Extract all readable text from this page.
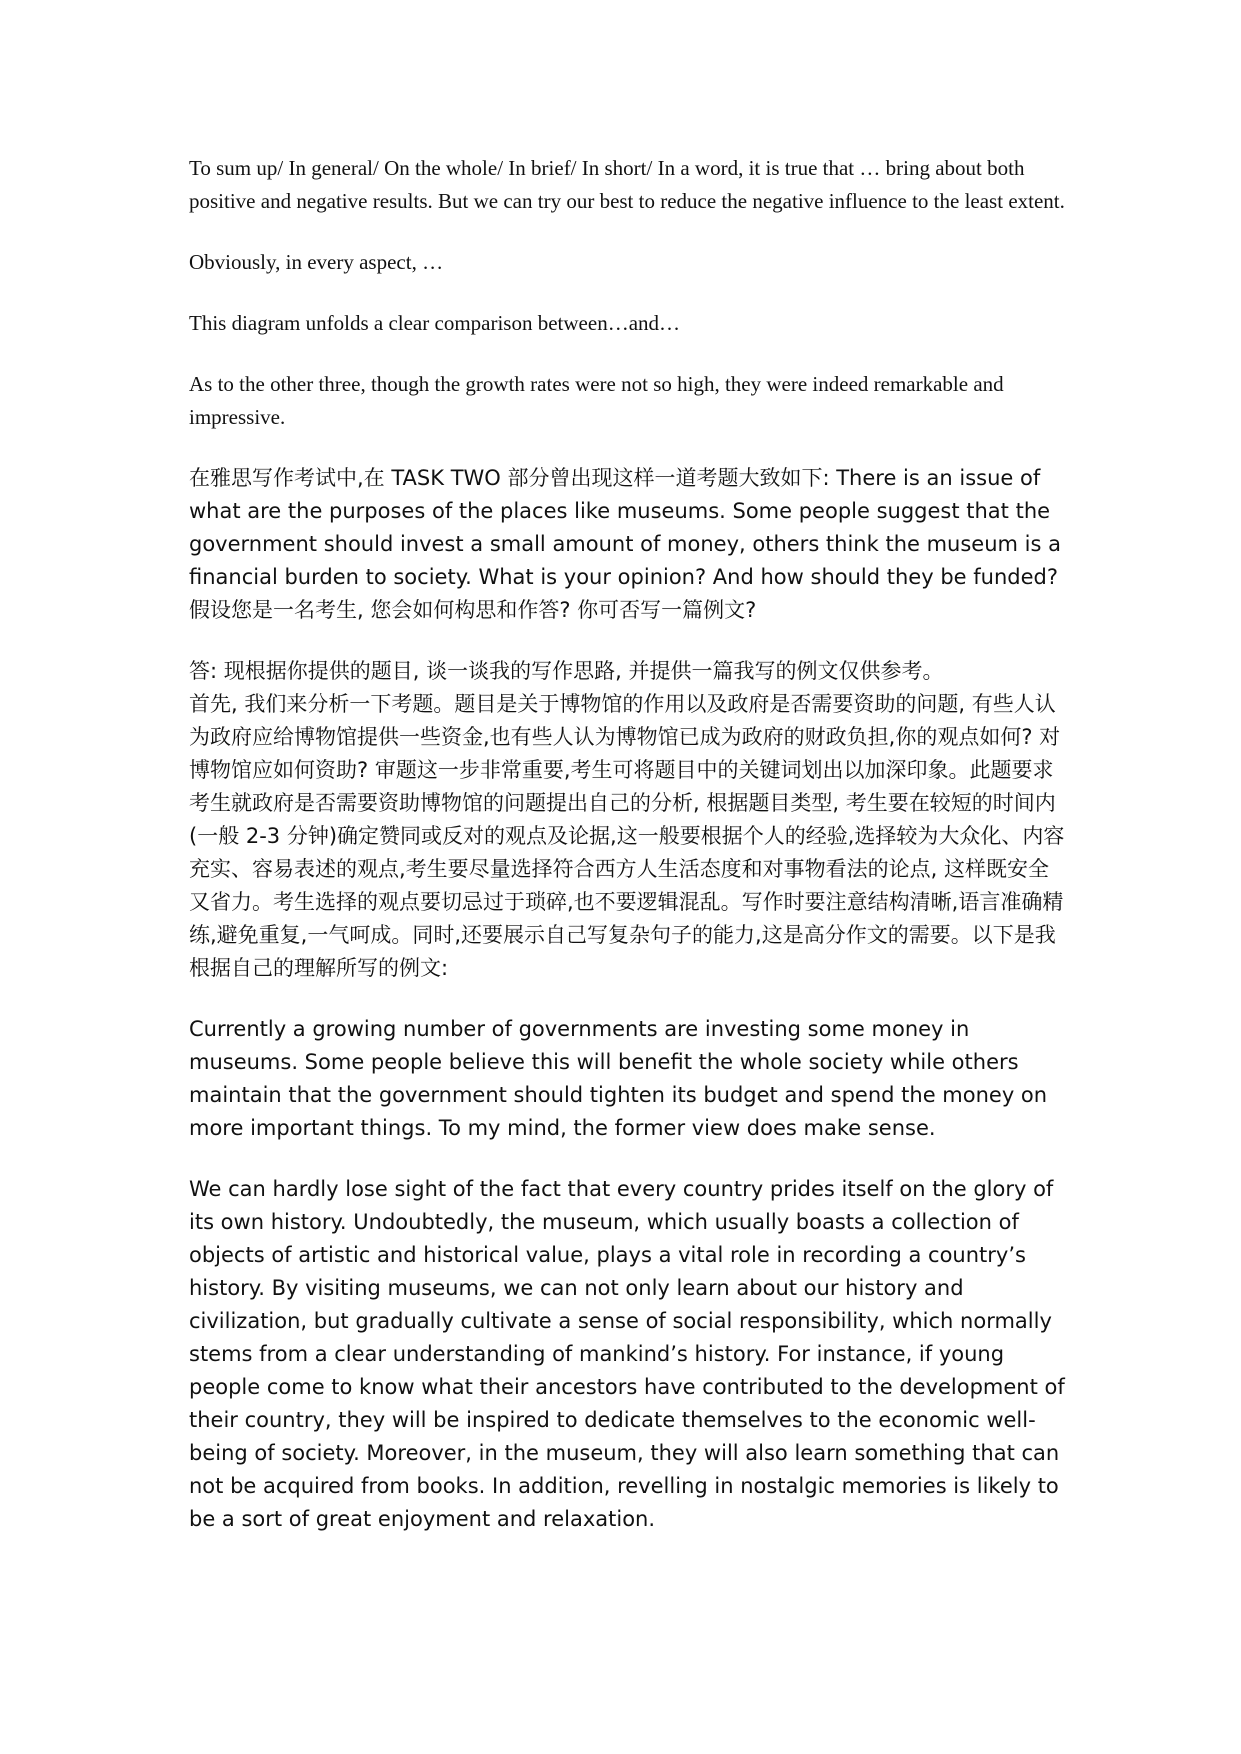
To sum up/ In general/ On the whole/ In brief/ In short/ In a word, it is true that … bring about both positive and negative results. But we can try our best to reduce the negative influence to the least extent.

Obviously, in every aspect, …

This diagram unfolds a clear comparison between…and…

As to the other three, though the growth rates were not so high, they were indeed remarkable and impressive.

在雅思写作考试中,在 TASK TWO 部分曾出现这样一道考题大致如下: There is an issue of what are the purposes of the places like museums. Some people suggest that the government should invest a small amount of money, others think the museum is a financial burden to society. What is your opinion? And how should they be funded? 假设您是一名考生, 您会如何构思和作答? 你可否写一篇例文?

答: 现根据你提供的题目, 谈一谈我的写作思路, 并提供一篇我写的例文仅供参考。

首先, 我们来分析一下考题。题目是关于博物馆的作用以及政府是否需要资助的问题, 有些人认为政府应给博物馆提供一些资金,也有些人认为博物馆已成为政府的财政负担,你的观点如何? 对博物馆应如何资助? 审题这一步非常重要,考生可将题目中的关键词划出以加深印象。此题要求考生就政府是否需要资助博物馆的问题提出自己的分析, 根据题目类型, 考生要在较短的时间内(一般 2-3 分钟)确定赞同或反对的观点及论据,这一般要根据个人的经验,选择较为大众化、内容充实、容易表述的观点,考生要尽量选择符合西方人生活态度和对事物看法的论点, 这样既安全又省力。考生选择的观点要切忌过于琐碎,也不要逻辑混乱。写作时要注意结构清晰,语言准确精练,避免重复,一气呵成。同时,还要展示自己写复杂句子的能力,这是高分作文的需要。以下是我根据自己的理解所写的例文:

Currently a growing number of governments are investing some money in museums. Some people believe this will benefit the whole society while others maintain that the government should tighten its budget and spend the money on more important things. To my mind, the former view does make sense.

We can hardly lose sight of the fact that every country prides itself on the glory of its own history. Undoubtedly, the museum, which usually boasts a collection of objects of artistic and historical value, plays a vital role in recording a country’s history. By visiting museums, we can not only learn about our history and civilization, but gradually cultivate a sense of social responsibility, which normally stems from a clear understanding of mankind’s history. For instance, if young people come to know what their ancestors have contributed to the development of their country, they will be inspired to dedicate themselves to the economic well-being of society. Moreover, in the museum, they will also learn something that can not be acquired from books. In addition, revelling in nostalgic memories is likely to be a sort of great enjoyment and relaxation.
